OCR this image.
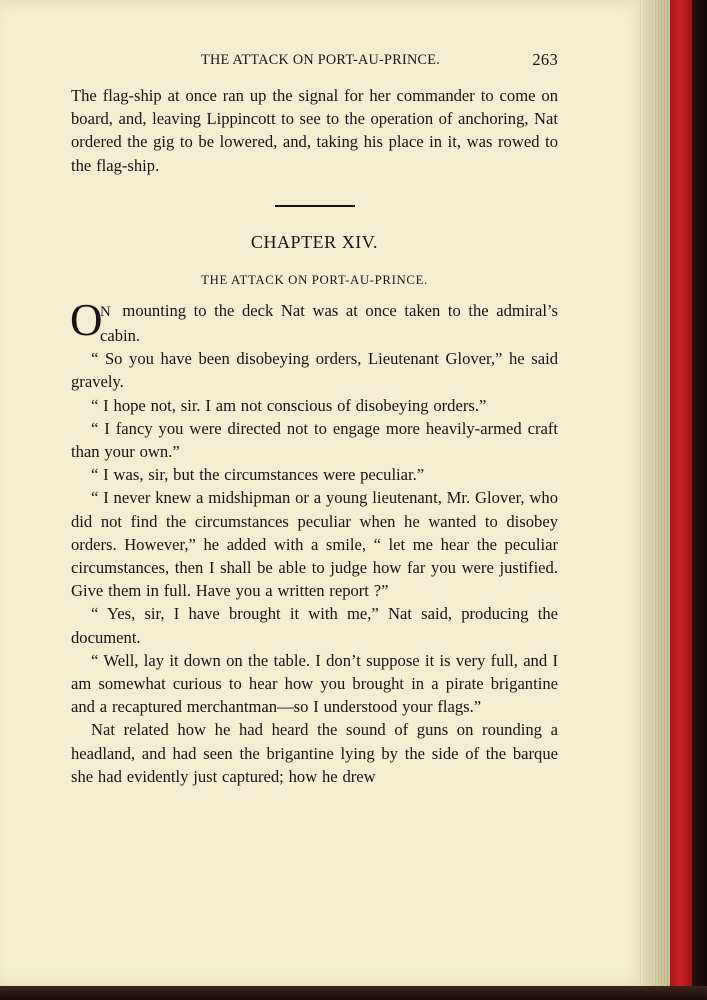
THE ATTACK ON PORT-AU-PRINCE.	263

The flag-ship at once ran up the signal for her commander to come on board, and, leaving Lippincott to see to the operation of anchoring, Nat ordered the gig to be lowered, and, taking his place in it, was rowed to the flag-ship.

CHAPTER XIV.
THE ATTACK ON PORT-AU-PRINCE.

O
N mounting to the deck Nat was at once taken to the admiral’s cabin.

“ So you have been disobeying orders, Lieutenant Glover,” he said gravely.

“ I hope not, sir. I am not conscious of disobeying orders.”

“ I fancy you were directed not to engage more heavily-armed craft than your own.”

“ I was, sir, but the circumstances were peculiar.”

“ I never knew a midshipman or a young lieutenant, Mr. Glover, who did not find the circumstances peculiar when he wanted to disobey orders. However,” he added with a smile, “ let me hear the peculiar circumstances, then I shall be able to judge how far you were justified. Give them in full. Have you a written report ?”

“ Yes, sir, I have brought it with me,” Nat said, producing the document.

“ Well, lay it down on the table. I don’t suppose it is very full, and I am somewhat curious to hear how you brought in a pirate brigantine and a recaptured merchantman—so I understood your flags.”

Nat related how he had heard the sound of guns on rounding a headland, and had seen the brigantine lying by the side of the barque she had evidently just captured; how he drew
